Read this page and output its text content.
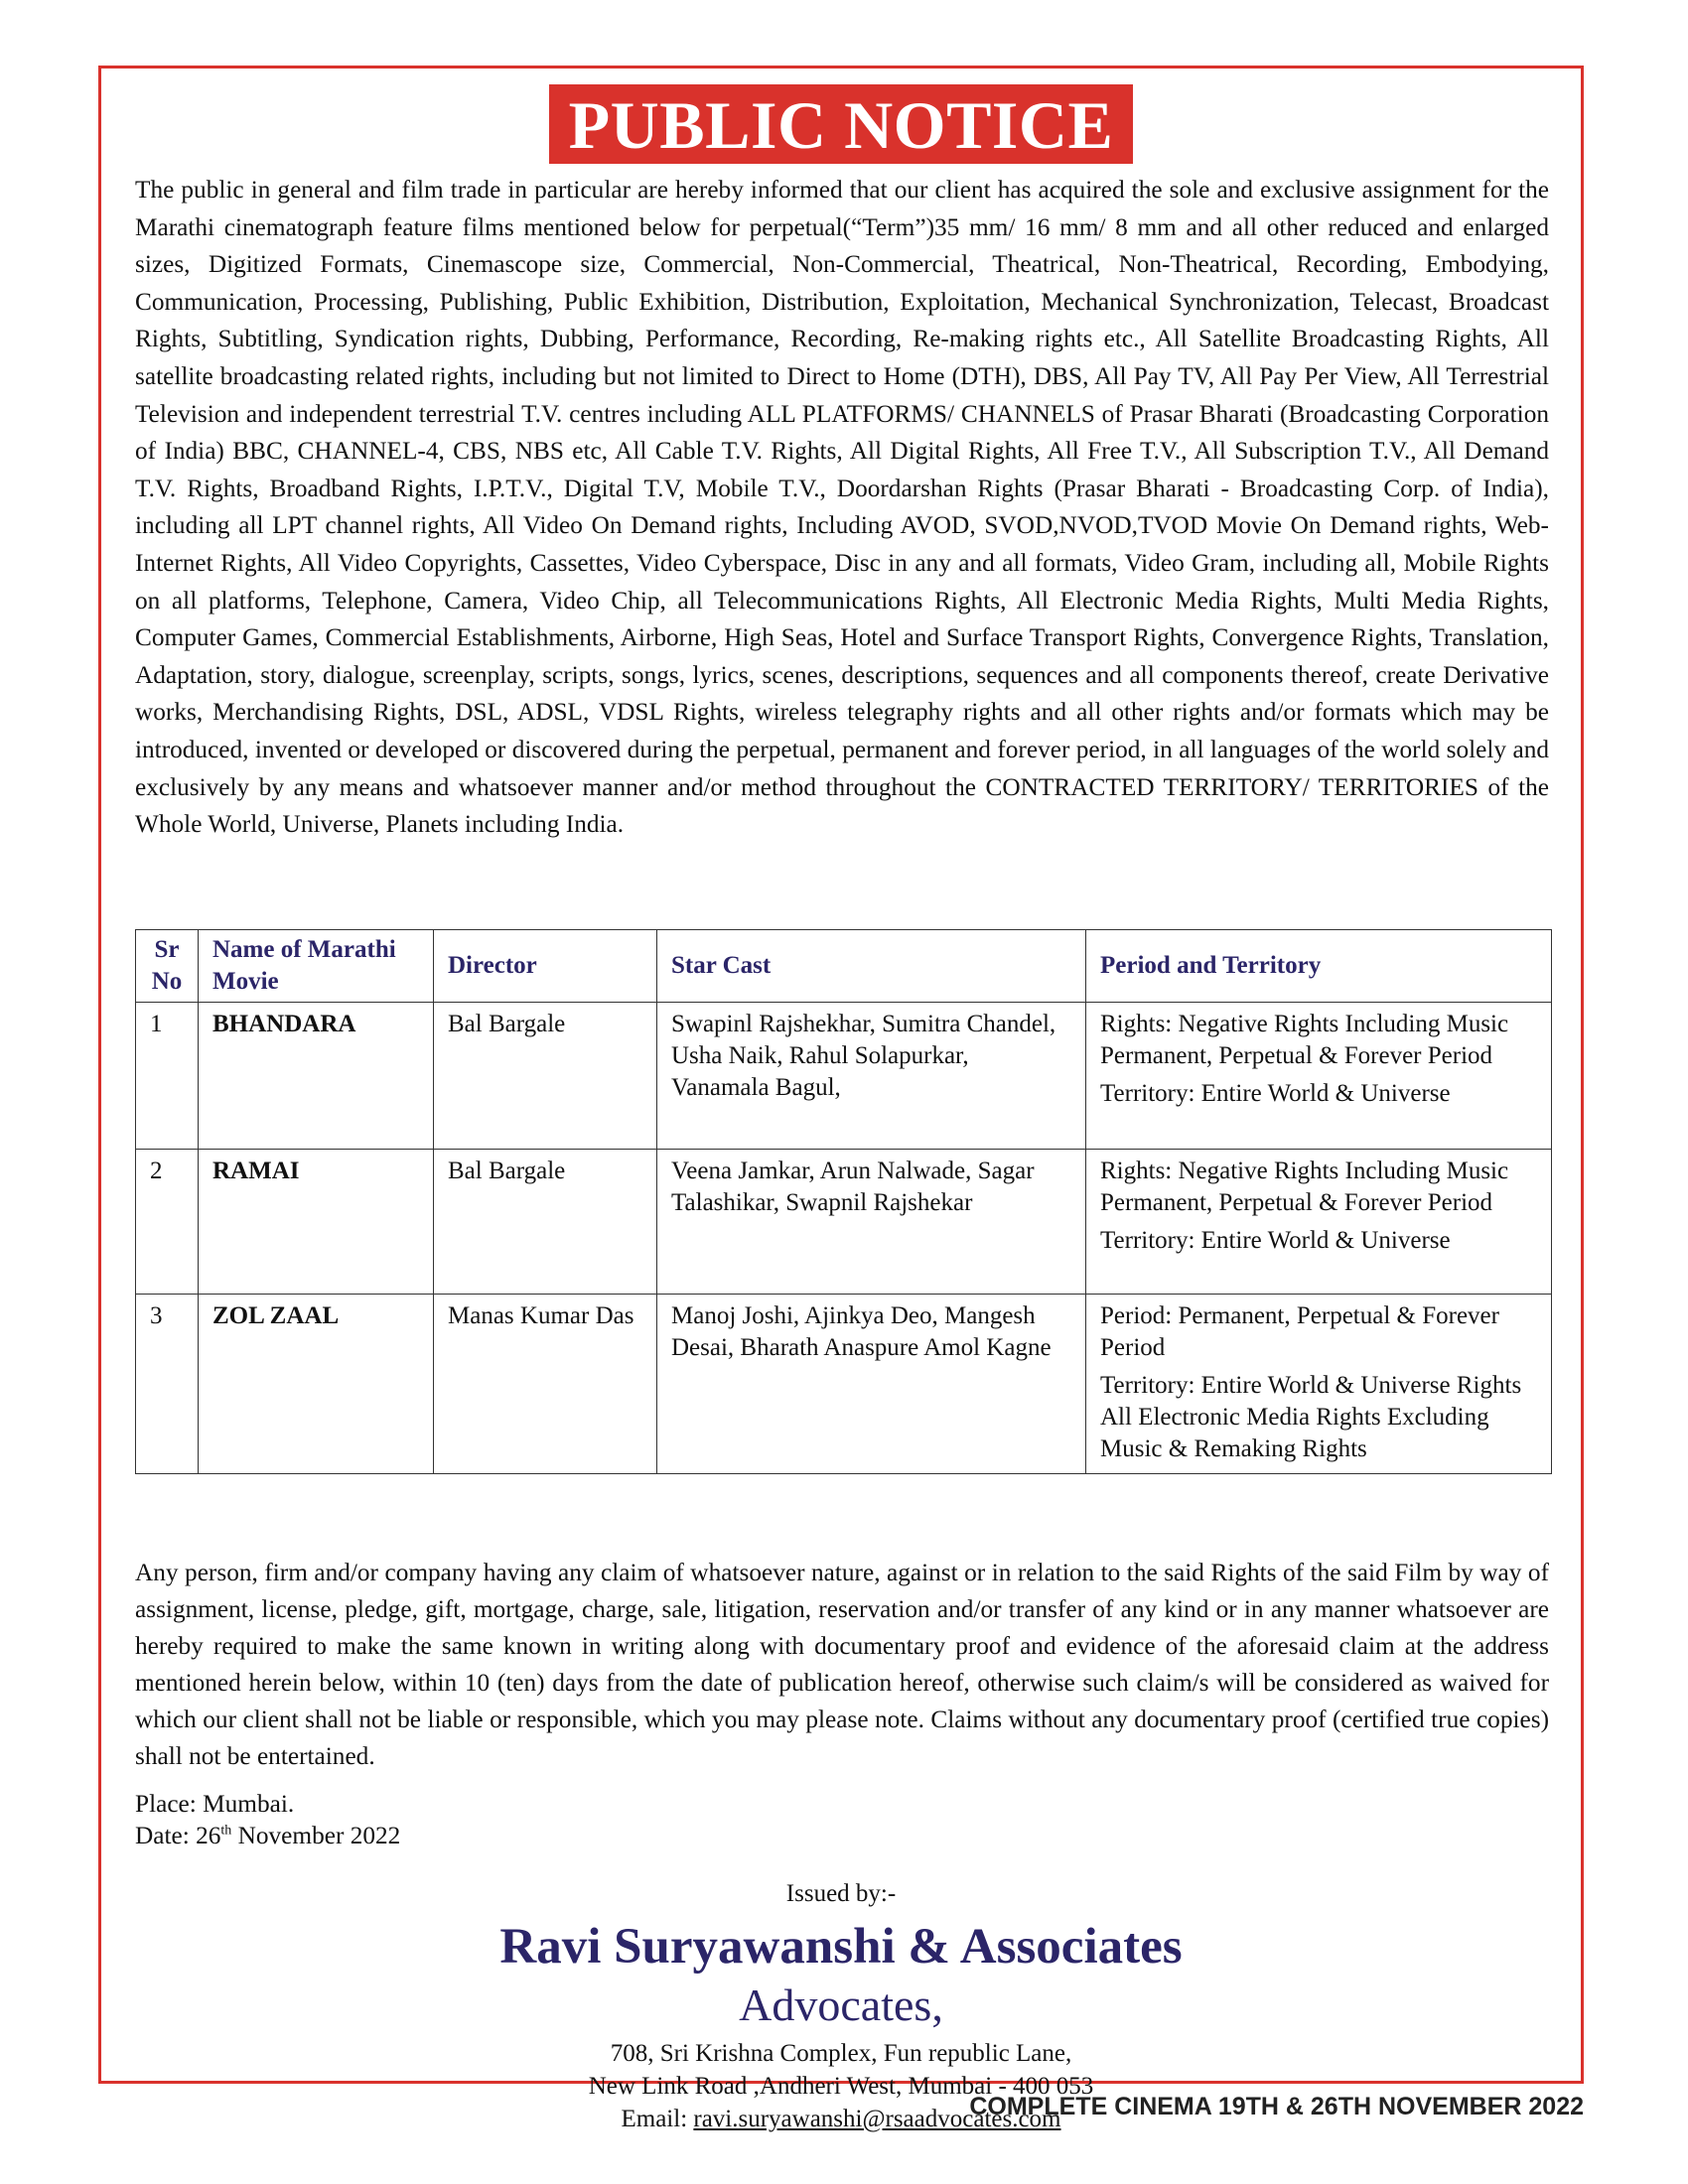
PUBLIC NOTICE

The public in general and film trade in particular are hereby informed that our client has acquired the sole and exclusive assignment for the Marathi cinematograph feature films mentioned below for perpetual(“Term”)35 mm/ 16 mm/ 8 mm and all other reduced and enlarged sizes, Digitized Formats, Cinemascope size, Commercial, Non-Commercial, Theatrical, Non-Theatrical, Recording, Embodying, Communication, Processing, Publishing, Public Exhibition, Distribution, Exploitation, Mechanical Synchronization, Telecast, Broadcast Rights, Subtitling, Syndication rights, Dubbing, Performance, Recording, Re-making rights etc., All Satellite Broadcasting Rights, All satellite broadcasting related rights, including but not limited to Direct to Home (DTH), DBS, All Pay TV, All Pay Per View, All Terrestrial Television and independent terrestrial T.V. centres including ALL PLATFORMS/ CHANNELS of Prasar Bharati (Broadcasting Corporation of India) BBC, CHANNEL-4, CBS, NBS etc, All Cable T.V. Rights, All Digital Rights, All Free T.V., All Subscription T.V., All Demand T.V. Rights, Broadband Rights, I.P.T.V., Digital T.V, Mobile T.V., Doordarshan Rights (Prasar Bharati - Broadcasting Corp. of India), including all LPT channel rights, All Video On Demand rights, Including AVOD, SVOD,NVOD,TVOD Movie On Demand rights, Web- Internet Rights, All Video Copyrights, Cassettes, Video Cyberspace, Disc in any and all formats, Video Gram, including all, Mobile Rights on all platforms, Telephone, Camera, Video Chip, all Telecommunications Rights, All Electronic Media Rights, Multi Media Rights, Computer Games, Commercial Establishments, Airborne, High Seas, Hotel and Surface Transport Rights, Convergence Rights, Translation, Adaptation, story, dialogue, screenplay, scripts, songs, lyrics, scenes, descriptions, sequences and all components thereof, create Derivative works, Merchandising Rights, DSL, ADSL, VDSL Rights, wireless telegraphy rights and all other rights and/or formats which may be introduced, invented or developed or discovered during the perpetual, permanent and forever period, in all languages of the world solely and exclusively by any means and whatsoever manner and/or method throughout the CONTRACTED TERRITORY/ TERRITORIES of the Whole World, Universe, Planets including India.

Sr No	Name of Marathi Movie	Director	Star Cast	Period and Territory
1	BHANDARA	Bal Bargale	Swapinl Rajshekhar, Sumitra Chandel, Usha Naik, Rahul Solapurkar, Vanamala Bagul,	Rights: Negative Rights Including Music Permanent, Perpetual & Forever Period
Territory: Entire World & Universe

2	RAMAI	Bal Bargale	Veena Jamkar, Arun Nalwade, Sagar Talashikar, Swapnil Rajshekar	Rights: Negative Rights Including Music Permanent, Perpetual & Forever Period
Territory: Entire World & Universe

3	ZOL ZAAL	Manas Kumar Das	Manoj Joshi, Ajinkya Deo, Mangesh Desai, Bharath Anaspure Amol Kagne	Period: Permanent, Perpetual & Forever Period
Territory: Entire World & Universe Rights All Electronic Media Rights Excluding Music & Remaking Rights

Any person, firm and/or company having any claim of whatsoever nature, against or in relation to the said Rights of the said Film by way of assignment, license, pledge, gift, mortgage, charge, sale, litigation, reservation and/or transfer of any kind or in any manner whatsoever are hereby required to make the same known in writing along with documentary proof and evidence of the aforesaid claim at the address mentioned herein below, within 10 (ten) days from the date of publication hereof, otherwise such claim/s will be considered as waived for which our client shall not be liable or responsible, which you may please note. Claims without any documentary proof (certified true copies) shall not be entertained.

Place: Mumbai.
Date: 26th November 2022
Issued by:-
Ravi Suryawanshi & Associates
Advocates,
708, Sri Krishna Complex, Fun republic Lane,
New Link Road ,Andheri West, Mumbai - 400 053
Email: ravi.suryawanshi@rsaadvocates.com
COMPLETE CINEMA 19TH & 26TH NOVEMBER 2022
